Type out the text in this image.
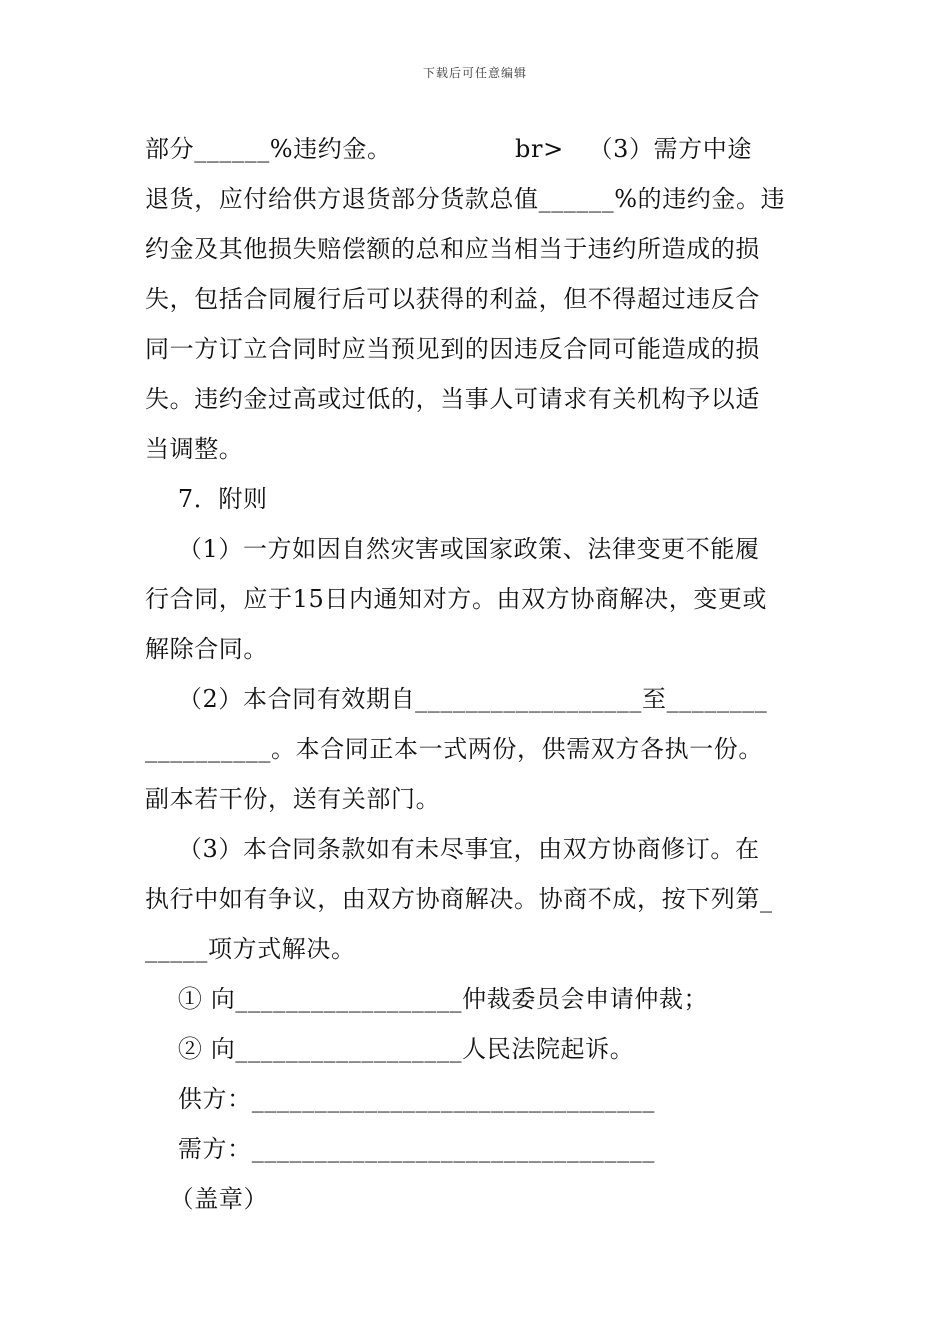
下载后可任意编辑
部分______%违约金。               br>   （3）需方中途
退货，应付给供方退货部分货款总值______%的违约金。违
约金及其他损失赔偿额的总和应当相当于违约所造成的损
失，包括合同履行后可以获得的利益，但不得超过违反合
同一方订立合同时应当预见到的因违反合同可能造成的损
失。违约金过高或过低的，当事人可请求有关机构予以适
当调整。
7．附则
（1）一方如因自然灾害或国家政策、法律变更不能履
行合同，应于15日内通知对方。由双方协商解决，变更或
解除合同。
（2）本合同有效期自__________________至________
__________。本合同正本一式两份，供需双方各执一份。
副本若干份，送有关部门。
（3）本合同条款如有未尽事宜，由双方协商修订。在
执行中如有争议，由双方协商解决。协商不成，按下列第_
_____项方式解决。
① 向__________________仲裁委员会申请仲裁；
② 向__________________人民法院起诉。
供方：________________________________
需方：________________________________
（盖章）
